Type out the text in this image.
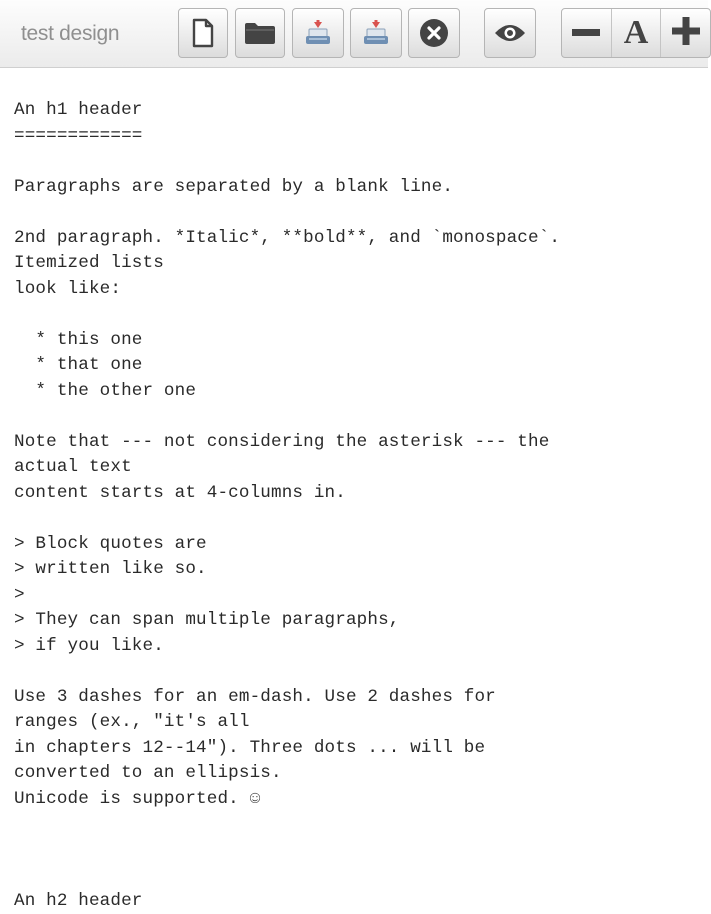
test design	A
An h1 header
============

Paragraphs are separated by a blank line.

2nd paragraph. *Italic*, **bold**, and `monospace`.
Itemized lists
look like:

* this one
* that one
* the other one

Note that --- not considering the asterisk --- the
actual text
content starts at 4-columns in.

> Block quotes are
> written like so.
>
> They can span multiple paragraphs,
> if you like.

Use 3 dashes for an em-dash. Use 2 dashes for
ranges (ex., "it's all
in chapters 12--14"). Three dots ... will be
converted to an ellipsis.
Unicode is supported. ☺

An h2 header
